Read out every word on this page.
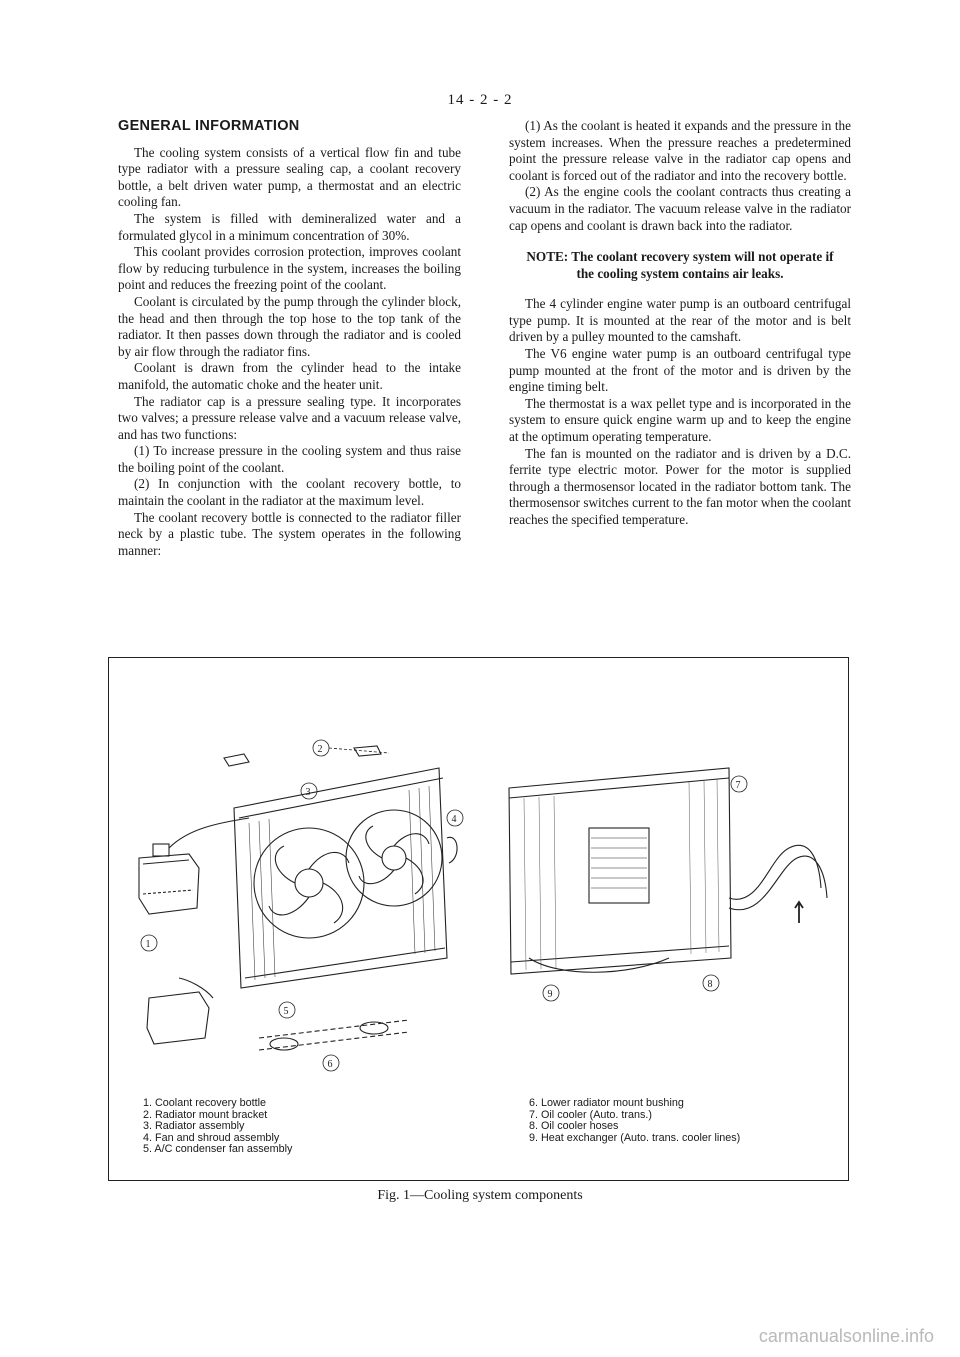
14 - 2 - 2
GENERAL INFORMATION

The cooling system consists of a vertical flow fin and tube type radiator with a pressure sealing cap, a coolant recovery bottle, a belt driven water pump, a thermostat and an electric cooling fan.

The system is filled with demineralized water and a formulated glycol in a minimum concentration of 30%.

This coolant provides corrosion protection, improves coolant flow by reducing turbulence in the system, increases the boiling point and reduces the freezing point of the coolant.

Coolant is circulated by the pump through the cylinder block, the head and then through the top hose to the top tank of the radiator. It then passes down through the radiator and is cooled by air flow through the radiator fins.

Coolant is drawn from the cylinder head to the intake manifold, the automatic choke and the heater unit.

The radiator cap is a pressure sealing type. It incorporates two valves; a pressure release valve and a vacuum release valve, and has two functions:

(1) To increase pressure in the cooling system and thus raise the boiling point of the coolant.

(2) In conjunction with the coolant recovery bottle, to maintain the coolant in the radiator at the maximum level.

The coolant recovery bottle is connected to the radiator filler neck by a plastic tube. The system operates in the following manner:

(1) As the coolant is heated it expands and the pressure in the system increases. When the pressure reaches a predetermined point the pressure release valve in the radiator cap opens and coolant is forced out of the radiator and into the recovery bottle.

(2) As the engine cools the coolant contracts thus creating a vacuum in the radiator. The vacuum release valve in the radiator cap opens and coolant is drawn back into the radiator.

NOTE: The coolant recovery system will not operate if the cooling system contains air leaks.

The 4 cylinder engine water pump is an outboard centrifugal type pump. It is mounted at the rear of the motor and is belt driven by a pulley mounted to the camshaft.

The V6 engine water pump is an outboard centrifugal type pump mounted at the front of the motor and is driven by the engine timing belt.

The thermostat is a wax pellet type and is incorporated in the system to ensure quick engine warm up and to keep the engine at the optimum operating temperature.

The fan is mounted on the radiator and is driven by a D.C. ferrite type electric motor. Power for the motor is supplied through a thermosensor located in the radiator bottom tank. The thermosensor switches current to the fan motor when the coolant reaches the specified temperature.

2
3
4
1
5
6
7
8
9
1. Coolant recovery bottle
2. Radiator mount bracket
3. Radiator assembly
4. Fan and shroud assembly
5. A/C condenser fan assembly
6. Lower radiator mount bushing
7. Oil cooler (Auto. trans.)
8. Oil cooler hoses
9. Heat exchanger (Auto. trans. cooler lines)
Fig. 1—Cooling system components
carmanualsonline.info
